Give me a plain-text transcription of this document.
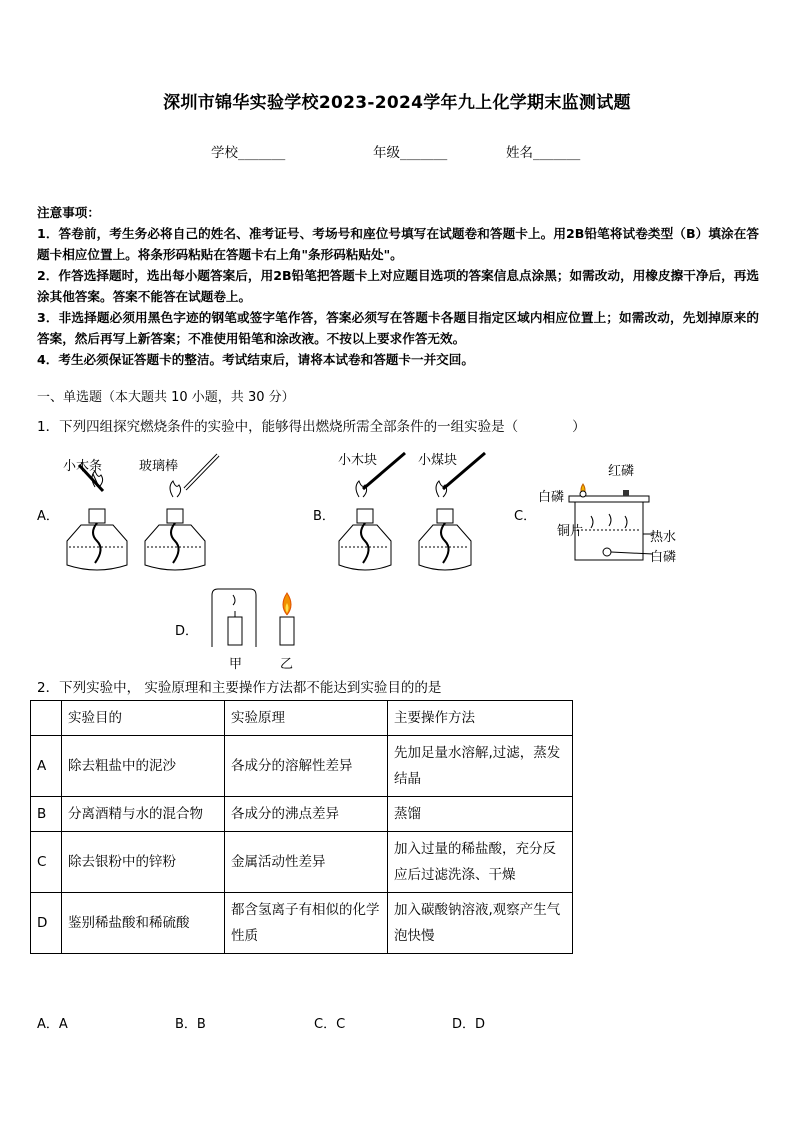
深圳市锦华实验学校2023-2024学年九上化学期末监测试题
学校_______	年级_______	姓名_______

注意事项：

1．答卷前，考生务必将自己的姓名、准考证号、考场号和座位号填写在试题卷和答题卡上。用2B铅笔将试卷类型（B）填涂在答题卡相应位置上。将条形码粘贴在答题卡右上角"条形码粘贴处"。

2．作答选择题时，选出每小题答案后，用2B铅笔把答题卡上对应题目选项的答案信息点涂黑；如需改动，用橡皮擦干净后，再选涂其他答案。答案不能答在试题卷上。

3．非选择题必须用黑色字迹的钢笔或签字笔作答，答案必须写在答题卡各题目指定区域内相应位置上；如需改动，先划掉原来的答案，然后再写上新答案；不准使用铅笔和涂改液。不按以上要求作答无效。

4．考生必须保证答题卡的整洁。考试结束后，请将本试卷和答题卡一并交回。

一、单选题（本大题共 10 小题，共 30 分）
1．下列四组探究燃烧条件的实验中，能够得出燃烧所需全部条件的一组实验是（　　　　）
A．	B．	C．
D．
小木条	玻璃棒	小木块	小煤块
红磷
白磷
铜片	热水
白磷
甲	乙
2．下列实验中， 实验原理和主要操作方法都不能达到实验目的的是
	实验目的	实验原理	主要操作方法
A	除去粗盐中的泥沙	各成分的溶解性差异	先加足量水溶解,过滤，蒸发结晶
B	分离酒精与水的混合物	各成分的沸点差异	蒸馏
C	除去银粉中的锌粉	金属活动性差异	加入过量的稀盐酸，充分反应后过滤洗涤、干燥
D	鉴别稀盐酸和稀硫酸	都含氢离子有相似的化学性质	加入碳酸钠溶液,观察产生气泡快慢
A．A	B．B	C．C	D．D
